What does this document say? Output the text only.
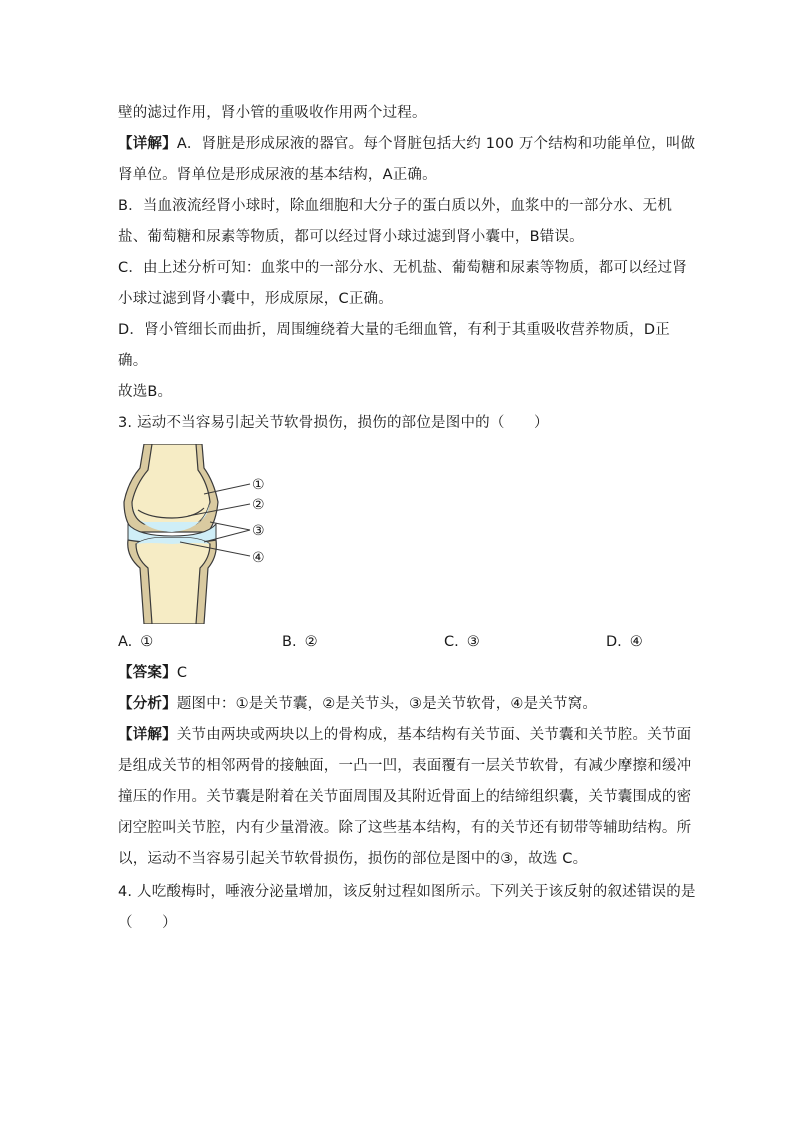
壁的滤过作用，肾小管的重吸收作用两个过程。
【详解】A．肾脏是形成尿液的器官。每个肾脏包括大约 100 万个结构和功能单位，叫做
肾单位。肾单位是形成尿液的基本结构，A正确。
B．当血液流经肾小球时，除血细胞和大分子的蛋白质以外，血浆中的一部分水、无机
盐、葡萄糖和尿素等物质，都可以经过肾小球过滤到肾小囊中，B错误。
C．由上述分析可知：血浆中的一部分水、无机盐、葡萄糖和尿素等物质，都可以经过肾
小球过滤到肾小囊中，形成原尿，C正确。
D．肾小管细长而曲折，周围缠绕着大量的毛细血管，有利于其重吸收营养物质，D正
确。
故选B。
3. 运动不当容易引起关节软骨损伤，损伤的部位是图中的（　　）
①
②
③
④
A. ①	B. ②	C. ③	D. ④
【答案】C
【分析】题图中：①是关节囊，②是关节头，③是关节软骨，④是关节窝。
【详解】关节由两块或两块以上的骨构成，基本结构有关节面、关节囊和关节腔。关节面
是组成关节的相邻两骨的接触面，一凸一凹，表面覆有一层关节软骨，有减少摩擦和缓冲
撞压的作用。关节囊是附着在关节面周围及其附近骨面上的结缔组织囊，关节囊围成的密
闭空腔叫关节腔，内有少量滑液。除了这些基本结构，有的关节还有韧带等辅助结构。所
以，运动不当容易引起关节软骨损伤，损伤的部位是图中的③，故选 C。
4. 人吃酸梅时，唾液分泌量增加，该反射过程如图所示。下列关于该反射的叙述错误的是
（　　）
